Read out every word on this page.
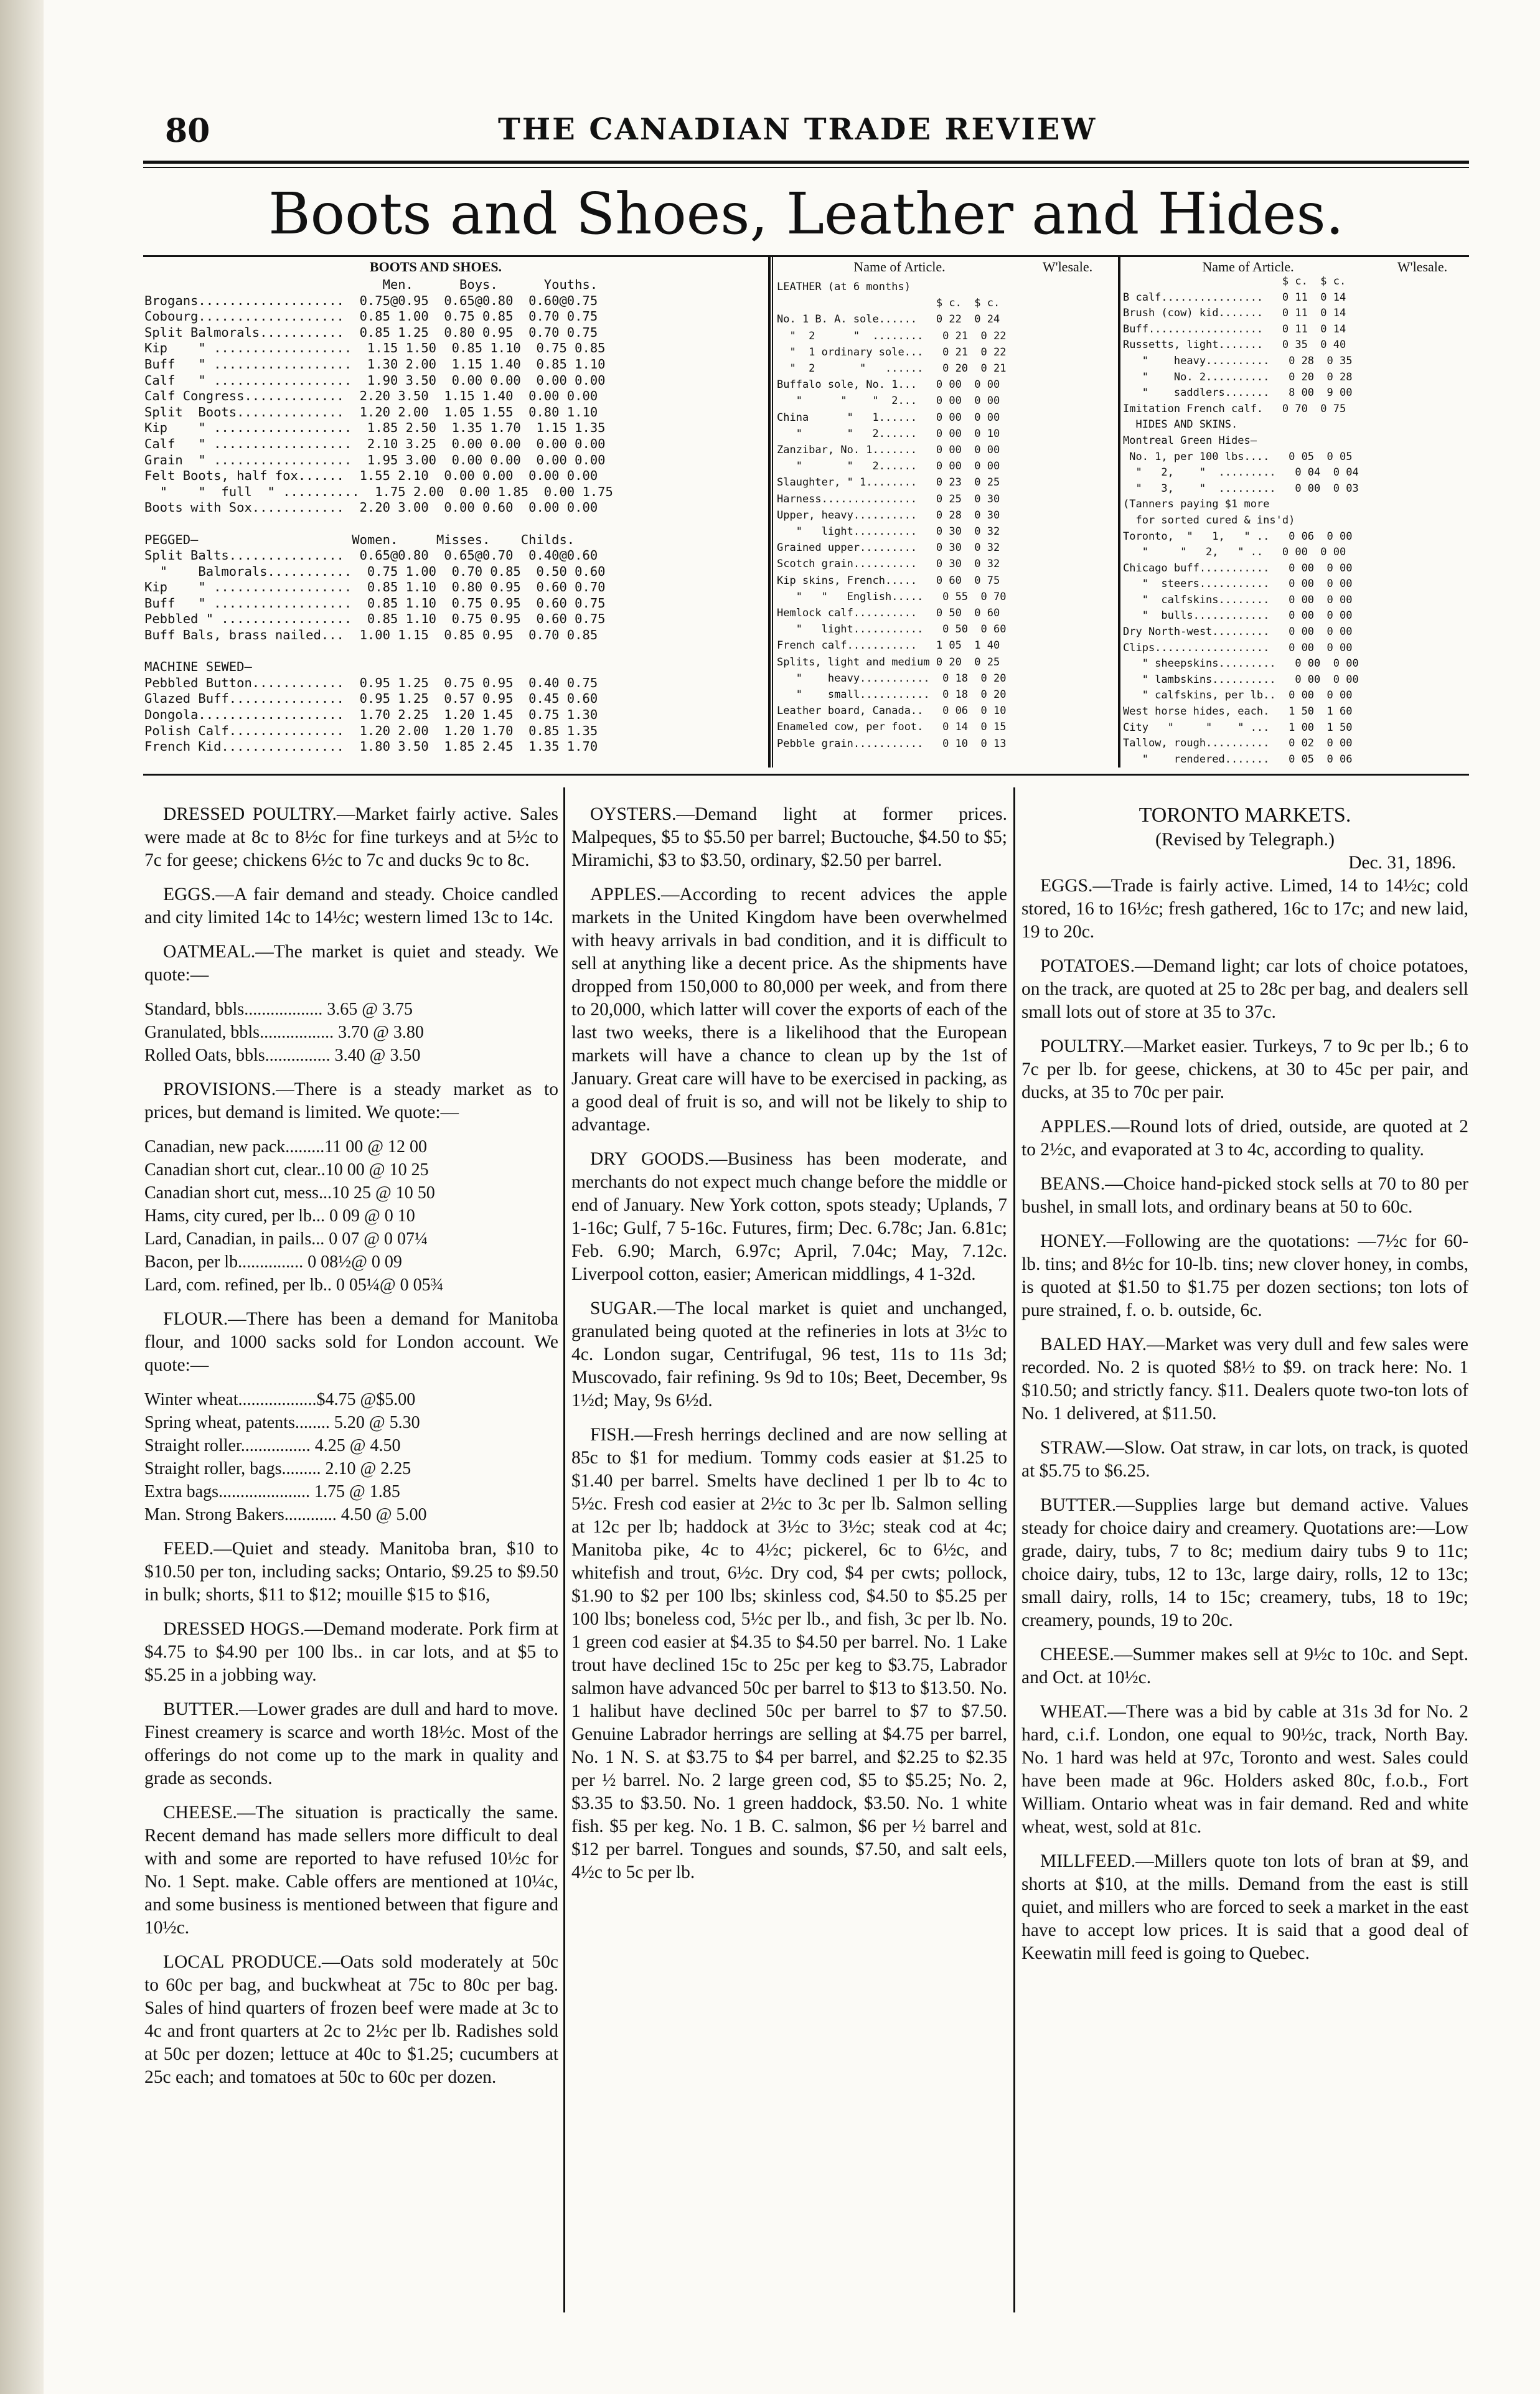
80	THE CANADIAN TRADE REVIEW
Boots and Shoes, Leather and Hides.
BOOTS AND SHOES.
Men.      Boys.      Youths.
Brogans...................  0.75@0.95  0.65@0.80  0.60@0.75
Cobourg...................  0.85 1.00  0.75 0.85  0.70 0.75
Split Balmorals...........  0.85 1.25  0.80 0.95  0.70 0.75
Kip    " ..................  1.15 1.50  0.85 1.10  0.75 0.85
Buff   " ..................  1.30 2.00  1.15 1.40  0.85 1.10
Calf   " ..................  1.90 3.50  0.00 0.00  0.00 0.00
Calf Congress.............  2.20 3.50  1.15 1.40  0.00 0.00
Split  Boots..............  1.20 2.00  1.05 1.55  0.80 1.10
Kip    " ..................  1.85 2.50  1.35 1.70  1.15 1.35
Calf   " ..................  2.10 3.25  0.00 0.00  0.00 0.00
Grain  " ..................  1.95 3.00  0.00 0.00  0.00 0.00
Felt Boots, half fox......  1.55 2.10  0.00 0.00  0.00 0.00
"    "  full  " ..........  1.75 2.00  0.00 1.85  0.00 1.75
Boots with Sox............  2.20 3.00  0.00 0.60  0.00 0.00

PEGGED—                    Women.     Misses.    Childs.
Split Balts...............  0.65@0.80  0.65@0.70  0.40@0.60
"    Balmorals...........  0.75 1.00  0.70 0.85  0.50 0.60
Kip    " ..................  0.85 1.10  0.80 0.95  0.60 0.70
Buff   " ..................  0.85 1.10  0.75 0.95  0.60 0.75
Pebbled " .................  0.85 1.10  0.75 0.95  0.60 0.75
Buff Bals, brass nailed...  1.00 1.15  0.85 0.95  0.70 0.85

MACHINE SEWED—
Pebbled Button............  0.95 1.25  0.75 0.95  0.40 0.75
Glazed Buff...............  0.95 1.25  0.57 0.95  0.45 0.60
Dongola...................  1.70 2.25  1.20 1.45  0.75 1.30
Polish Calf...............  1.20 2.00  1.20 1.70  0.85 1.35
French Kid................  1.80 3.50  1.85 2.45  1.35 1.70
Name of Article.	W'lesale.
LEATHER (at 6 months)
$ c.  $ c.
No. 1 B. A. sole......   0 22  0 24
"  2      "  ........   0 21  0 22
"  1 ordinary sole...   0 21  0 22
"  2       "   ......   0 20  0 21
Buffalo sole, No. 1...   0 00  0 00
"      "    "  2...   0 00  0 00
China      "   1......   0 00  0 00
"       "   2......   0 00  0 10
Zanzibar, No. 1.......   0 00  0 00
"       "   2......   0 00  0 00
Slaughter, " 1........   0 23  0 25
Harness...............   0 25  0 30
Upper, heavy..........   0 28  0 30
"   light..........   0 30  0 32
Grained upper.........   0 30  0 32
Scotch grain..........   0 30  0 32
Kip skins, French.....   0 60  0 75
"   "   English.....   0 55  0 70
Hemlock calf..........   0 50  0 60
"   light...........   0 50  0 60
French calf...........   1 05  1 40
Splits, light and medium 0 20  0 25
"    heavy...........  0 18  0 20
"    small...........  0 18  0 20
Leather board, Canada..   0 06  0 10
Enameled cow, per foot.   0 14  0 15
Pebble grain...........   0 10  0 13
Name of Article.	W'lesale.
$ c.  $ c.
B calf................   0 11  0 14
Brush (cow) kid.......   0 11  0 14
Buff..................   0 11  0 14
Russetts, light.......   0 35  0 40
"    heavy..........   0 28  0 35
"    No. 2..........   0 20  0 28
"    saddlers.......   8 00  9 00
Imitation French calf.   0 70  0 75
HIDES AND SKINS.
Montreal Green Hides—
No. 1, per 100 lbs....   0 05  0 05
"   2,    "  .........   0 04  0 04
"   3,    "  .........   0 00  0 03
(Tanners paying $1 more
for sorted cured & ins'd)
Toronto,  "   1,   " ..   0 06  0 00
"     "   2,   " ..   0 00  0 00
Chicago buff...........   0 00  0 00
"  steers...........   0 00  0 00
"  calfskins........   0 00  0 00
"  bulls............   0 00  0 00
Dry North-west.........   0 00  0 00
Clips..................   0 00  0 00
" sheepskins.........   0 00  0 00
" lambskins..........   0 00  0 00
" calfskins, per lb..  0 00  0 00
West horse hides, each.   1 50  1 60
City   "     "    " ...   1 00  1 50
Tallow, rough..........   0 02  0 00
"    rendered.......   0 05  0 06

DRESSED POULTRY.—Market fairly active. Sales were made at 8c to 8½c for fine turkeys and at 5½c to 7c for geese; chickens 6½c to 7c and ducks 9c to 8c.

EGGS.—A fair demand and steady. Choice candled and city limited 14c to 14½c; western limed 13c to 14c.

OATMEAL.—The market is quiet and steady. We quote:—

Standard, bbls.................. 3.65 @ 3.75
Granulated, bbls................. 3.70 @ 3.80
Rolled Oats, bbls............... 3.40 @ 3.50

PROVISIONS.—There is a steady market as to prices, but demand is limited. We quote:—

Canadian, new pack.........11 00 @ 12 00
Canadian short cut, clear..10 00 @ 10 25
Canadian short cut, mess...10 25 @ 10 50
Hams, city cured, per lb... 0 09 @ 0 10
Lard, Canadian, in pails... 0 07 @ 0 07¼
Bacon, per lb............... 0 08½@ 0 09
Lard, com. refined, per lb.. 0 05¼@ 0 05¾

FLOUR.—There has been a demand for Manitoba flour, and 1000 sacks sold for London account. We quote:—

Winter wheat..................$4.75 @$5.00
Spring wheat, patents........ 5.20 @ 5.30
Straight roller................ 4.25 @ 4.50
Straight roller, bags......... 2.10 @ 2.25
Extra bags..................... 1.75 @ 1.85
Man. Strong Bakers............ 4.50 @ 5.00

FEED.—Quiet and steady. Manitoba bran, $10 to $10.50 per ton, including sacks; Ontario, $9.25 to $9.50 in bulk; shorts, $11 to $12; mouille $15 to $16,

DRESSED HOGS.—Demand moderate. Pork firm at $4.75 to $4.90 per 100 lbs.. in car lots, and at $5 to $5.25 in a jobbing way.

BUTTER.—Lower grades are dull and hard to move. Finest creamery is scarce and worth 18½c. Most of the offerings do not come up to the mark in quality and grade as seconds.

CHEESE.—The situation is practically the same. Recent demand has made sellers more difficult to deal with and some are reported to have refused 10½c for No. 1 Sept. make. Cable offers are mentioned at 10¼c, and some business is mentioned between that figure and 10½c.

LOCAL PRODUCE.—Oats sold moderately at 50c to 60c per bag, and buckwheat at 75c to 80c per bag. Sales of hind quarters of frozen beef were made at 3c to 4c and front quarters at 2c to 2½c per lb. Radishes sold at 50c per dozen; lettuce at 40c to $1.25; cucumbers at 25c each; and tomatoes at 50c to 60c per dozen.

OYSTERS.—Demand light at former prices. Malpeques, $5 to $5.50 per barrel; Buctouche, $4.50 to $5; Miramichi, $3 to $3.50, ordinary, $2.50 per barrel.

APPLES.—According to recent advices the apple markets in the United Kingdom have been overwhelmed with heavy arrivals in bad condition, and it is difficult to sell at anything like a decent price. As the shipments have dropped from 150,000 to 80,000 per week, and from there to 20,000, which latter will cover the exports of each of the last two weeks, there is a likelihood that the European markets will have a chance to clean up by the 1st of January. Great care will have to be exercised in packing, as a good deal of fruit is so, and will not be likely to ship to advantage.

DRY GOODS.—Business has been moderate, and merchants do not expect much change before the middle or end of January. New York cotton, spots steady; Uplands, 7 1-16c; Gulf, 7 5-16c. Futures, firm; Dec. 6.78c; Jan. 6.81c; Feb. 6.90; March, 6.97c; April, 7.04c; May, 7.12c. Liverpool cotton, easier; American middlings, 4 1-32d.

SUGAR.—The local market is quiet and unchanged, granulated being quoted at the refineries in lots at 3½c to 4c. London sugar, Centrifugal, 96 test, 11s to 11s 3d; Muscovado, fair refining. 9s 9d to 10s; Beet, December, 9s 1½d; May, 9s 6½d.

FISH.—Fresh herrings declined and are now selling at 85c to $1 for medium. Tommy cods easier at $1.25 to $1.40 per barrel. Smelts have declined 1 per lb to 4c to 5½c. Fresh cod easier at 2½c to 3c per lb. Salmon selling at 12c per lb; haddock at 3½c to 3½c; steak cod at 4c; Manitoba pike, 4c to 4½c; pickerel, 6c to 6½c, and whitefish and trout, 6½c. Dry cod, $4 per cwts; pollock, $1.90 to $2 per 100 lbs; skinless cod, $4.50 to $5.25 per 100 lbs; boneless cod, 5½c per lb., and fish, 3c per lb. No. 1 green cod easier at $4.35 to $4.50 per barrel. No. 1 Lake trout have declined 15c to 25c per keg to $3.75, Labrador salmon have advanced 50c per barrel to $13 to $13.50. No. 1 halibut have declined 50c per barrel to $7 to $7.50. Genuine Labrador herrings are selling at $4.75 per barrel, No. 1 N. S. at $3.75 to $4 per barrel, and $2.25 to $2.35 per ½ barrel. No. 2 large green cod, $5 to $5.25; No. 2, $3.35 to $3.50. No. 1 green haddock, $3.50. No. 1 white fish. $5 per keg. No. 1 B. C. salmon, $6 per ½ barrel and $12 per barrel. Tongues and sounds, $7.50, and salt eels, 4½c to 5c per lb.

TORONTO MARKETS.
(Revised by Telegraph.)
Dec. 31, 1896.

EGGS.—Trade is fairly active. Limed, 14 to 14½c; cold stored, 16 to 16½c; fresh gathered, 16c to 17c; and new laid, 19 to 20c.

POTATOES.—Demand light; car lots of choice potatoes, on the track, are quoted at 25 to 28c per bag, and dealers sell small lots out of store at 35 to 37c.

POULTRY.—Market easier. Turkeys, 7 to 9c per lb.; 6 to 7c per lb. for geese, chickens, at 30 to 45c per pair, and ducks, at 35 to 70c per pair.

APPLES.—Round lots of dried, outside, are quoted at 2 to 2½c, and evaporated at 3 to 4c, according to quality.

BEANS.—Choice hand-picked stock sells at 70 to 80 per bushel, in small lots, and ordinary beans at 50 to 60c.

HONEY.—Following are the quotations: —7½c for 60-lb. tins; and 8½c for 10-lb. tins; new clover honey, in combs, is quoted at $1.50 to $1.75 per dozen sections; ton lots of pure strained, f. o. b. outside, 6c.

BALED HAY.—Market was very dull and few sales were recorded. No. 2 is quoted $8½ to $9. on track here: No. 1 $10.50; and strictly fancy. $11. Dealers quote two-ton lots of No. 1 delivered, at $11.50.

STRAW.—Slow. Oat straw, in car lots, on track, is quoted at $5.75 to $6.25.

BUTTER.—Supplies large but demand active. Values steady for choice dairy and creamery. Quotations are:—Low grade, dairy, tubs, 7 to 8c; medium dairy tubs 9 to 11c; choice dairy, tubs, 12 to 13c, large dairy, rolls, 12 to 13c; small dairy, rolls, 14 to 15c; creamery, tubs, 18 to 19c; creamery, pounds, 19 to 20c.

CHEESE.—Summer makes sell at 9½c to 10c. and Sept. and Oct. at 10½c.

WHEAT.—There was a bid by cable at 31s 3d for No. 2 hard, c.i.f. London, one equal to 90½c, track, North Bay. No. 1 hard was held at 97c, Toronto and west. Sales could have been made at 96c. Holders asked 80c, f.o.b., Fort William. Ontario wheat was in fair demand. Red and white wheat, west, sold at 81c.

MILLFEED.—Millers quote ton lots of bran at $9, and shorts at $10, at the mills. Demand from the east is still quiet, and millers who are forced to seek a market in the east have to accept low prices. It is said that a good deal of Keewatin mill feed is going to Quebec.
